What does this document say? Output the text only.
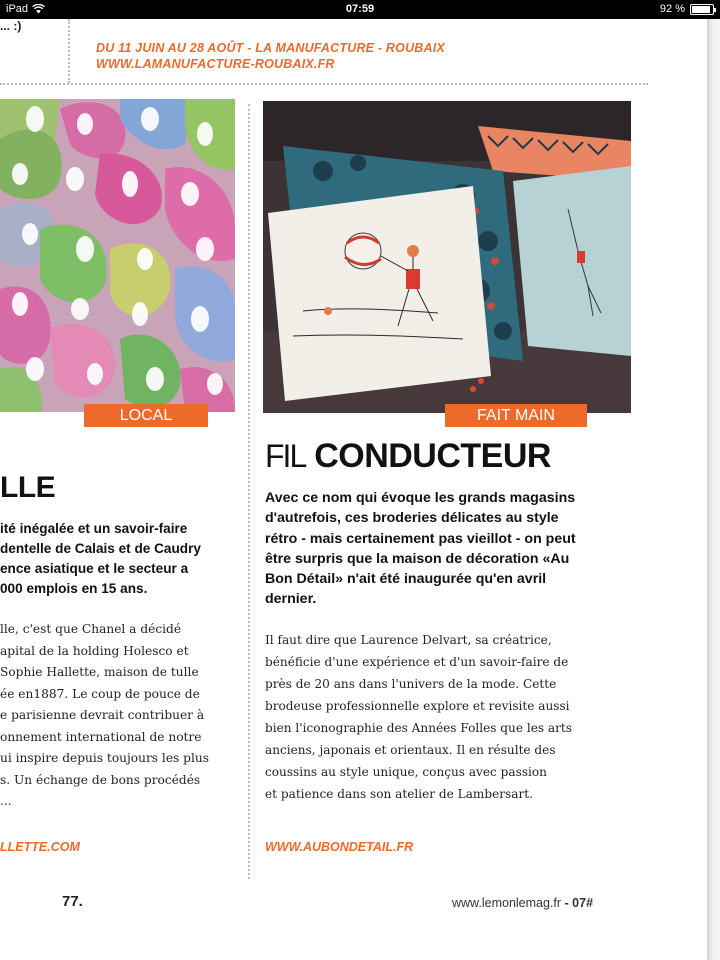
iPad	07:59	92 %
... :)
DU 11 JUIN AU 28 AOÛT - LA MANUFACTURE - ROUBAIX
WWW.LAMANUFACTURE-ROUBAIX.FR
LOCAL	FAIT MAIN
LLE
ité inégalée et un savoir-faire
dentelle de Calais et de Caudry
ence asiatique et le secteur a
000 emplois en 15 ans.
lle, c'est que Chanel a décidé
apital de la holding Holesco et
Sophie Hallette, maison de tulle
ée en1887. Le coup de pouce de
e parisienne devrait contribuer à
onnement international de notre
ui inspire depuis toujours les plus
s. Un échange de bons procédés
...
LLETTE.COM
FIL CONDUCTEUR
Avec ce nom qui évoque les grands magasins
d'autrefois, ces broderies délicates au style
rétro - mais certainement pas vieillot - on peut
être surpris que la maison de décoration «Au
Bon Détail» n'ait été inaugurée qu'en avril
dernier.
Il faut dire que Laurence Delvart, sa créatrice,
bénéficie d'une expérience et d'un savoir-faire de
près de 20 ans dans l'univers de la mode. Cette
brodeuse professionnelle explore et revisite aussi
bien l'iconographie des Années Folles que les arts
anciens, japonais et orientaux. Il en résulte des
coussins au style unique, conçus avec passion
et patience dans son atelier de Lambersart.
WWW.AUBONDETAIL.FR
77.	www.lemonlemag.fr - 07#
